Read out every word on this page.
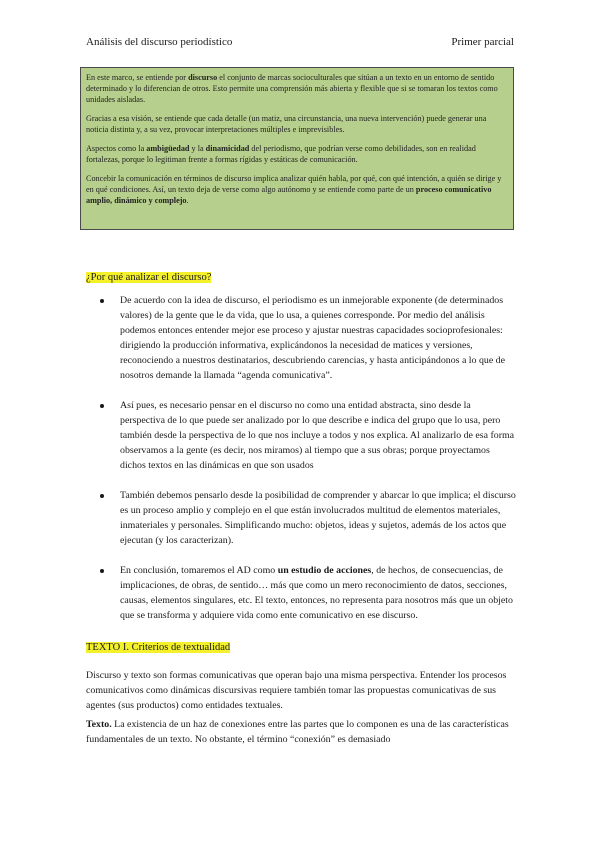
Análisis del discurso periodístico	Primer parcial

En este marco, se entiende por discurso el conjunto de marcas socioculturales que sitúan a un texto en un entorno de sentido determinado y lo diferencian de otros. Esto permite una comprensión más abierta y flexible que si se tomaran los textos como unidades aisladas.

Gracias a esa visión, se entiende que cada detalle (un matiz, una circunstancia, una nueva intervención) puede generar una noticia distinta y, a su vez, provocar interpretaciones múltiples e imprevisibles.

Aspectos como la ambigüedad y la dinamicidad del periodismo, que podrían verse como debilidades, son en realidad fortalezas, porque lo legitiman frente a formas rígidas y estáticas de comunicación.

Concebir la comunicación en términos de discurso implica analizar quién habla, por qué, con qué intención, a quién se dirige y en qué condiciones. Así, un texto deja de verse como algo autónomo y se entiende como parte de un proceso comunicativo amplio, dinámico y complejo.

¿Por qué analizar el discurso?
De acuerdo con la idea de discurso, el periodismo es un inmejorable exponente (de determinados valores) de la gente que le da vida, que lo usa, a quienes corresponde. Por medio del análisis podemos entonces entender mejor ese proceso y ajustar nuestras capacidades socioprofesionales: dirigiendo la producción informativa, explicándonos la necesidad de matices y versiones, reconociendo a nuestros destinatarios, descubriendo carencias, y hasta anticipándonos a lo que de nosotros demande la llamada “agenda comunicativa”.
Así pues, es necesario pensar en el discurso no como una entidad abstracta, sino desde la perspectiva de lo que puede ser analizado por lo que describe e indica del grupo que lo usa, pero también desde la perspectiva de lo que nos incluye a todos y nos explica. Al analizarlo de esa forma observamos a la gente (es decir, nos miramos) al tiempo que a sus obras; porque proyectamos dichos textos en las dinámicas en que son usados
También debemos pensarlo desde la posibilidad de comprender y abarcar lo que implica; el discurso es un proceso amplio y complejo en el que están involucrados multitud de elementos materiales, inmateriales y personales. Simplificando mucho: objetos, ideas y sujetos, además de los actos que ejecutan (y los caracterizan).
En conclusión, tomaremos el AD como un estudio de acciones, de hechos, de consecuencias, de implicaciones, de obras, de sentido… más que como un mero reconocimiento de datos, secciones, causas, elementos singulares, etc. El texto, entonces, no representa para nosotros más que un objeto que se transforma y adquiere vida como ente comunicativo en ese discurso.
TEXTO I. Criterios de textualidad

Discurso y texto son formas comunicativas que operan bajo una misma perspectiva. Entender los procesos comunicativos como dinámicas discursivas requiere también tomar las propuestas comunicativas de sus agentes (sus productos) como entidades textuales.

Texto. La existencia de un haz de conexiones entre las partes que lo componen es una de las características fundamentales de un texto. No obstante, el término “conexión” es demasiado
